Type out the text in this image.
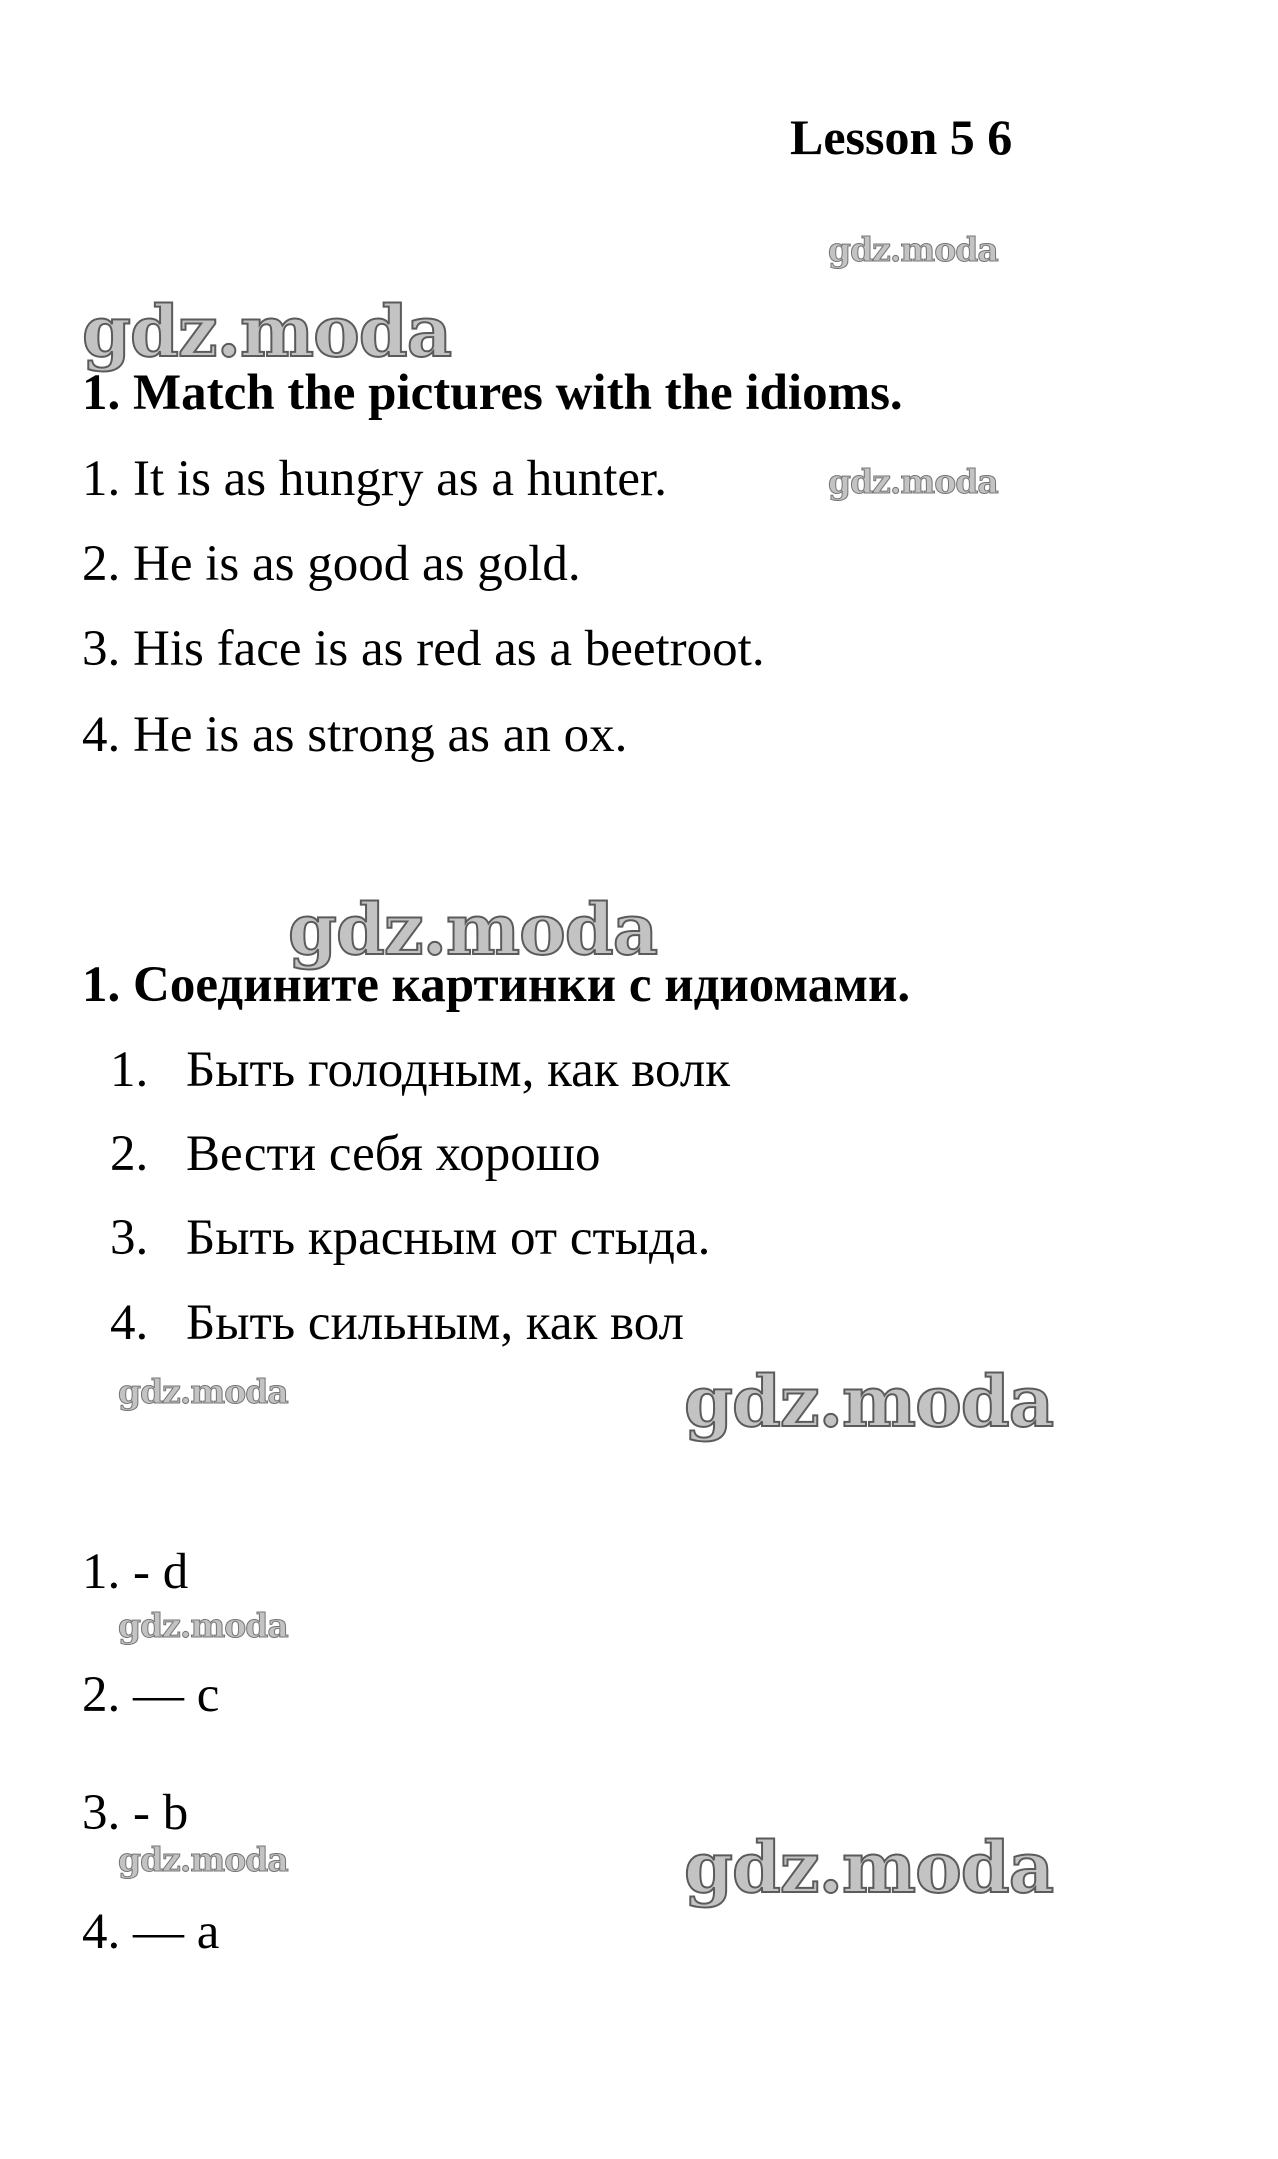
Lesson 5 6
gdz.moda
gdz.moda
gdz.moda
gdz.moda
gdz.moda	gdz.moda
gdz.moda
gdz.moda	gdz.moda
1. Match the pictures with the idioms.
1. It is as hungry as a hunter.
2. He is as good as gold.
3. His face is as red as a beetroot.
4. He is as strong as an ox.
1. Соедините картинки с идиомами.
1. Быть голодным, как волк
2. Вести себя хорошо
3. Быть красным от стыда.
4. Быть сильным, как вол
1. - d
2. — c
3. - b
4. — a
